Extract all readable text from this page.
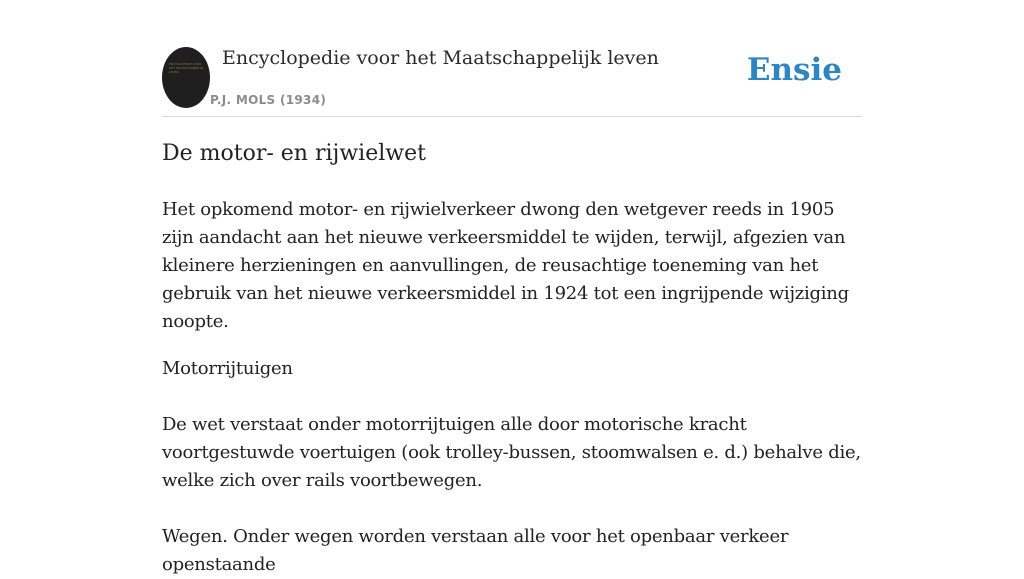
ENCYCLOPEDIE VOOR HET MAATSCHAPPELIJK LEVEN
Encyclopedie voor het Maatschappelijk leven
P.J. MOLS (1934)
Ensie
De motor- en rijwielwet

Het opkomend motor- en rijwielverkeer dwong den wetgever reeds in 1905 zijn aandacht aan het nieuwe verkeersmiddel te wijden, terwijl, afgezien van kleinere herzieningen en aanvullingen, de reusachtige toeneming van het gebruik van het nieuwe verkeersmiddel in 1924 tot een ingrijpende wijziging noopte.

Motorrijtuigen

De wet verstaat onder motorrijtuigen alle door motorische kracht voortgestuwde voertuigen (ook trolley-bussen, stoomwalsen e. d.) behalve die, welke zich over rails voortbewegen.

Wegen. Onder wegen worden verstaan alle voor het openbaar verkeer openstaande
